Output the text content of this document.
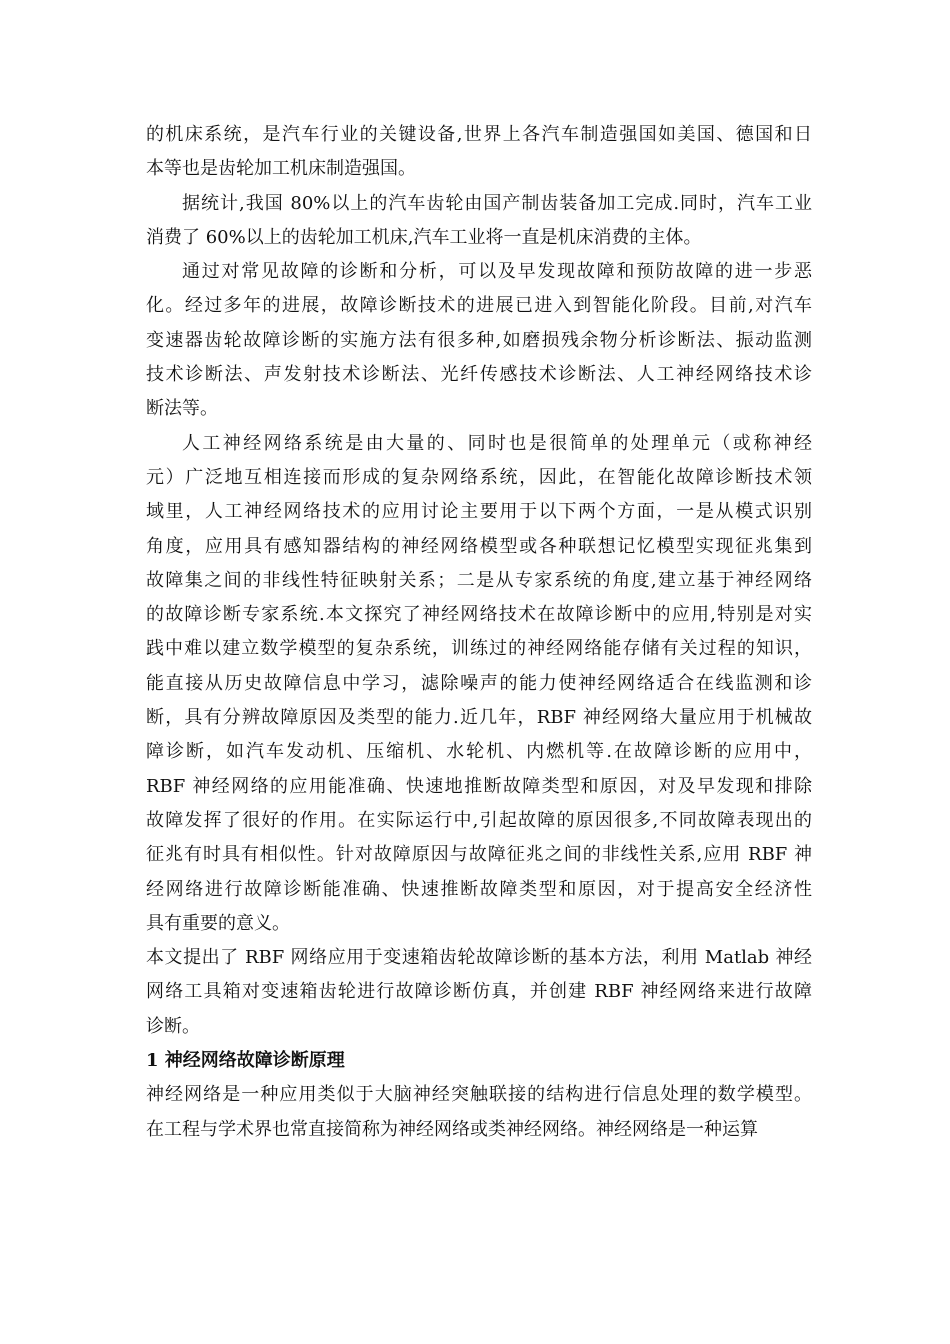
的机床系统，是汽车行业的关键设备,世界上各汽车制造强国如美国、德国和日
本等也是齿轮加工机床制造强国。
据统计,我国 80%以上的汽车齿轮由国产制齿装备加工完成.同时，汽车工业
消费了 60%以上的齿轮加工机床,汽车工业将一直是机床消费的主体。
通过对常见故障的诊断和分析，可以及早发现故障和预防故障的进一步恶
化。经过多年的进展，故障诊断技术的进展已进入到智能化阶段。目前,对汽车
变速器齿轮故障诊断的实施方法有很多种,如磨损残余物分析诊断法、振动监测
技术诊断法、声发射技术诊断法、光纤传感技术诊断法、人工神经网络技术诊
断法等。
人工神经网络系统是由大量的、同时也是很简单的处理单元（或称神经
元）广泛地互相连接而形成的复杂网络系统，因此，在智能化故障诊断技术领
域里，人工神经网络技术的应用讨论主要用于以下两个方面，一是从模式识别
角度，应用具有感知器结构的神经网络模型或各种联想记忆模型实现征兆集到
故障集之间的非线性特征映射关系；二是从专家系统的角度,建立基于神经网络
的故障诊断专家系统.本文探究了神经网络技术在故障诊断中的应用,特别是对实
践中难以建立数学模型的复杂系统，训练过的神经网络能存储有关过程的知识，
能直接从历史故障信息中学习，滤除噪声的能力使神经网络适合在线监测和诊
断，具有分辨故障原因及类型的能力.近几年，RBF 神经网络大量应用于机械故
障诊断，如汽车发动机、压缩机、水轮机、内燃机等.在故障诊断的应用中，
RBF 神经网络的应用能准确、快速地推断故障类型和原因，对及早发现和排除
故障发挥了很好的作用。在实际运行中,引起故障的原因很多,不同故障表现出的
征兆有时具有相似性。针对故障原因与故障征兆之间的非线性关系,应用 RBF 神
经网络进行故障诊断能准确、快速推断故障类型和原因，对于提高安全经济性
具有重要的意义。
本文提出了 RBF 网络应用于变速箱齿轮故障诊断的基本方法，利用 Matlab 神经
网络工具箱对变速箱齿轮进行故障诊断仿真，并创建 RBF 神经网络来进行故障
诊断。
1 神经网络故障诊断原理
神经网络是一种应用类似于大脑神经突触联接的结构进行信息处理的数学模型。
在工程与学术界也常直接简称为神经网络或类神经网络。神经网络是一种运算
